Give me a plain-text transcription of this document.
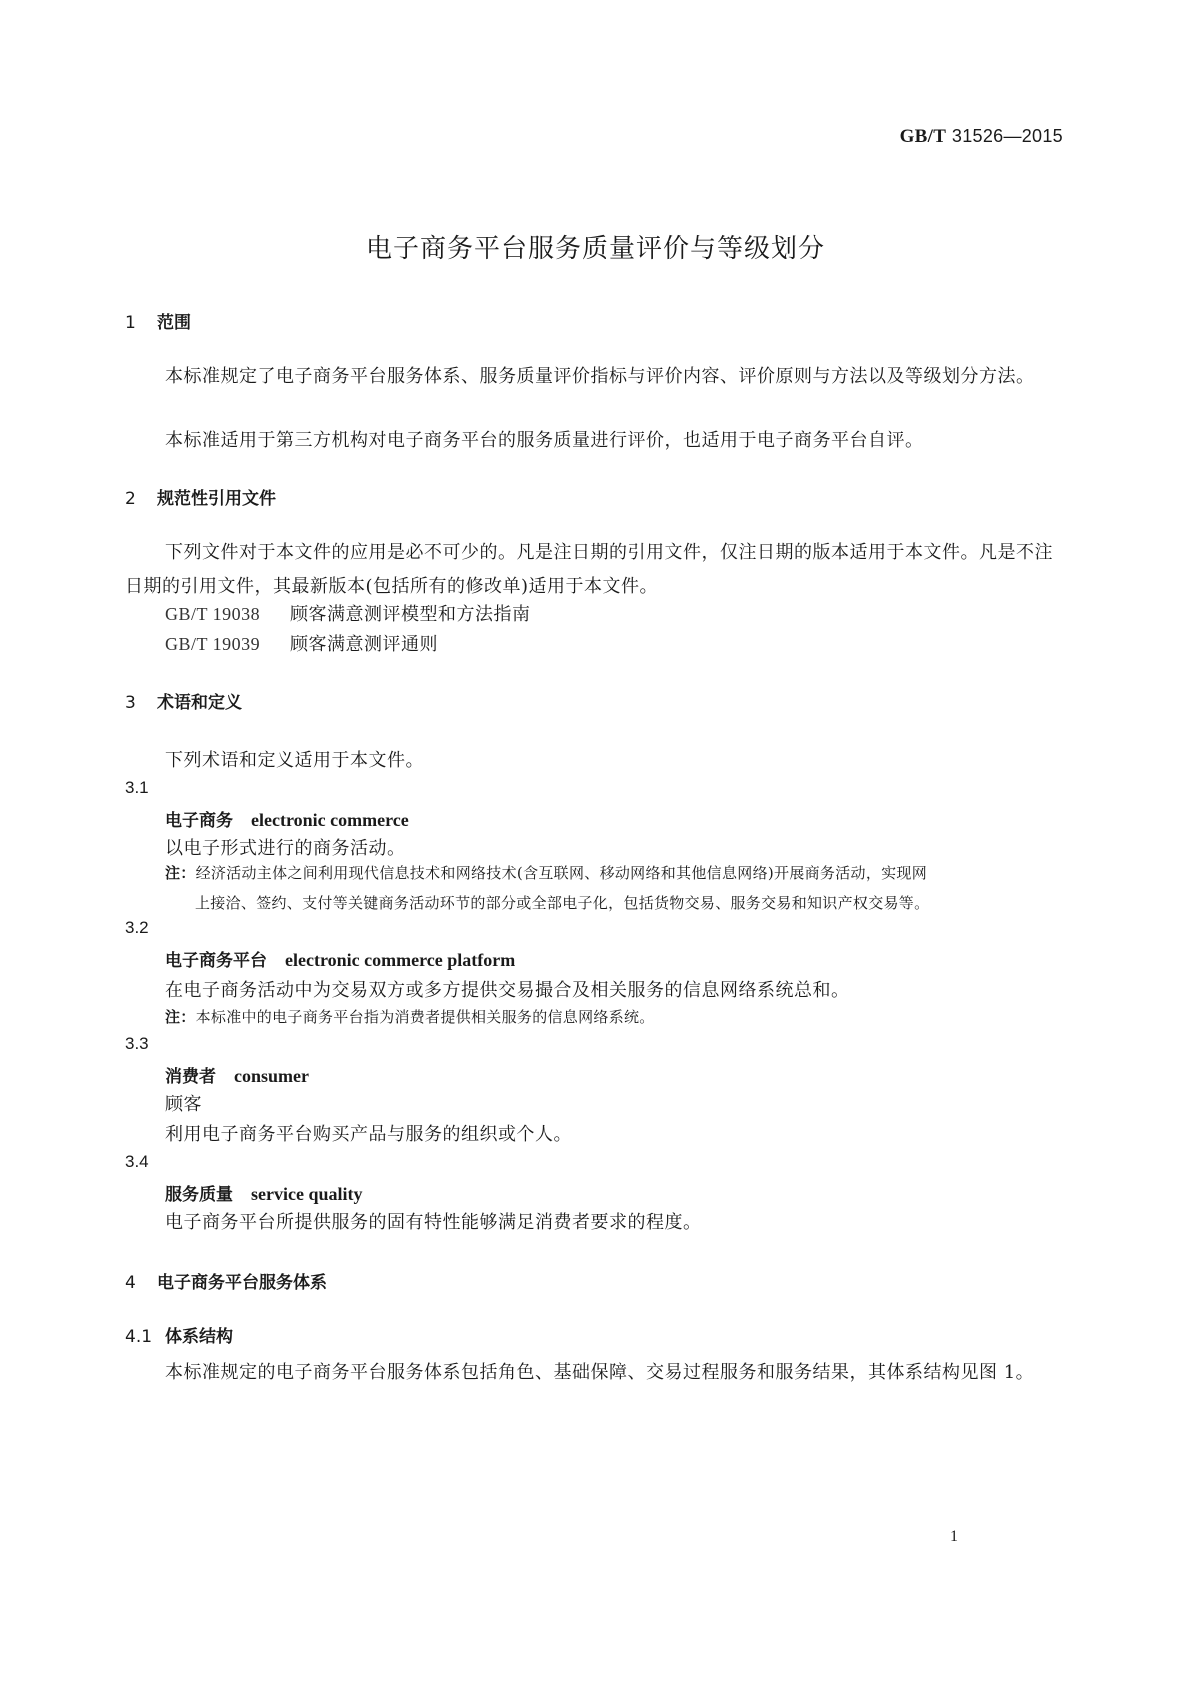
GB/T 31526—2015
电子商务平台服务质量评价与等级划分
1 范围
本标准规定了电子商务平台服务体系、服务质量评价指标与评价内容、评价原则与方法以及等级划分方法。
本标准适用于第三方机构对电子商务平台的服务质量进行评价，也适用于电子商务平台自评。
2 规范性引用文件
下列文件对于本文件的应用是必不可少的。凡是注日期的引用文件，仅注日期的版本适用于本文件。凡是不注日期的引用文件，其最新版本(包括所有的修改单)适用于本文件。
GB/T 19038 顾客满意测评模型和方法指南
GB/T 19039 顾客满意测评通则
3 术语和定义
下列术语和定义适用于本文件。
3.1
电子商务 electronic commerce
以电子形式进行的商务活动。
注：经济活动主体之间利用现代信息技术和网络技术(含互联网、移动网络和其他信息网络)开展商务活动，实现网
上接洽、签约、支付等关键商务活动环节的部分或全部电子化，包括货物交易、服务交易和知识产权交易等。
3.2
电子商务平台 electronic commerce platform
在电子商务活动中为交易双方或多方提供交易撮合及相关服务的信息网络系统总和。
注：本标准中的电子商务平台指为消费者提供相关服务的信息网络系统。
3.3
消费者 consumer
顾客
利用电子商务平台购买产品与服务的组织或个人。
3.4
服务质量 service quality
电子商务平台所提供服务的固有特性能够满足消费者要求的程度。
4 电子商务平台服务体系
4.1 体系结构
本标准规定的电子商务平台服务体系包括角色、基础保障、交易过程服务和服务结果，其体系结构见图 1。
1
